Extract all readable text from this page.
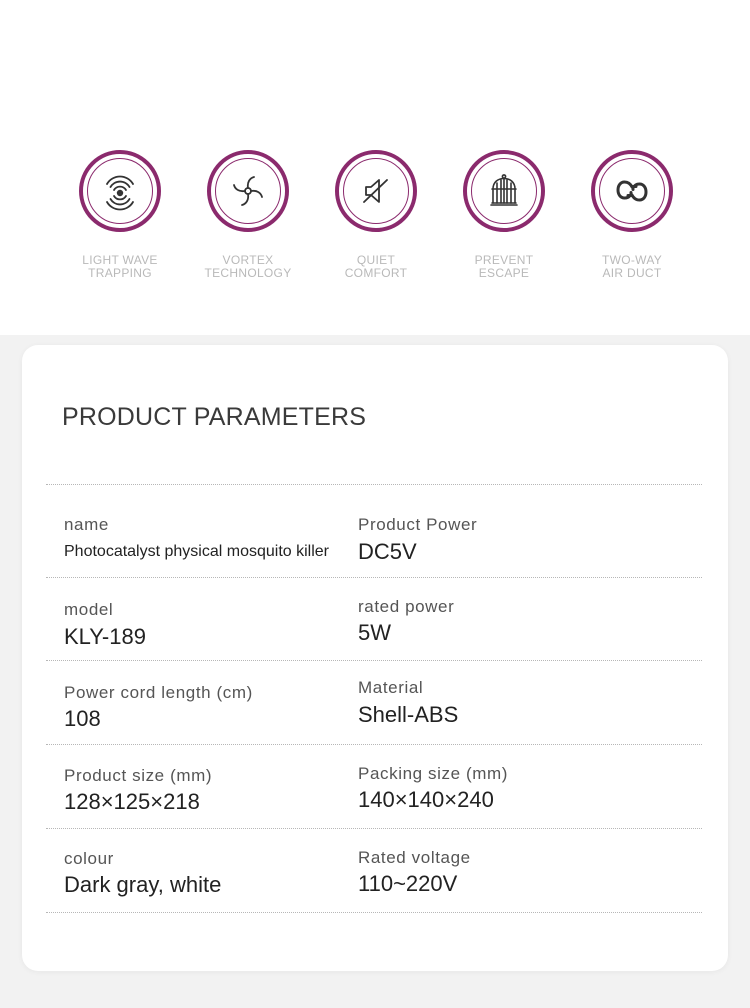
LIGHT WAVE
TRAPPING
VORTEX
TECHNOLOGY
QUIET
COMFORT
PREVENT
ESCAPE
TWO-WAY
AIR DUCT
PRODUCT PARAMETERS
name
Photocatalyst physical mosquito killer
Product Power
DC5V
model
KLY-189
rated power
5W
Power cord length (cm)
108
Material
Shell-ABS
Product size (mm)
128×125×218
Packing size (mm)
140×140×240
colour
Dark gray, white
Rated voltage
110~220V
